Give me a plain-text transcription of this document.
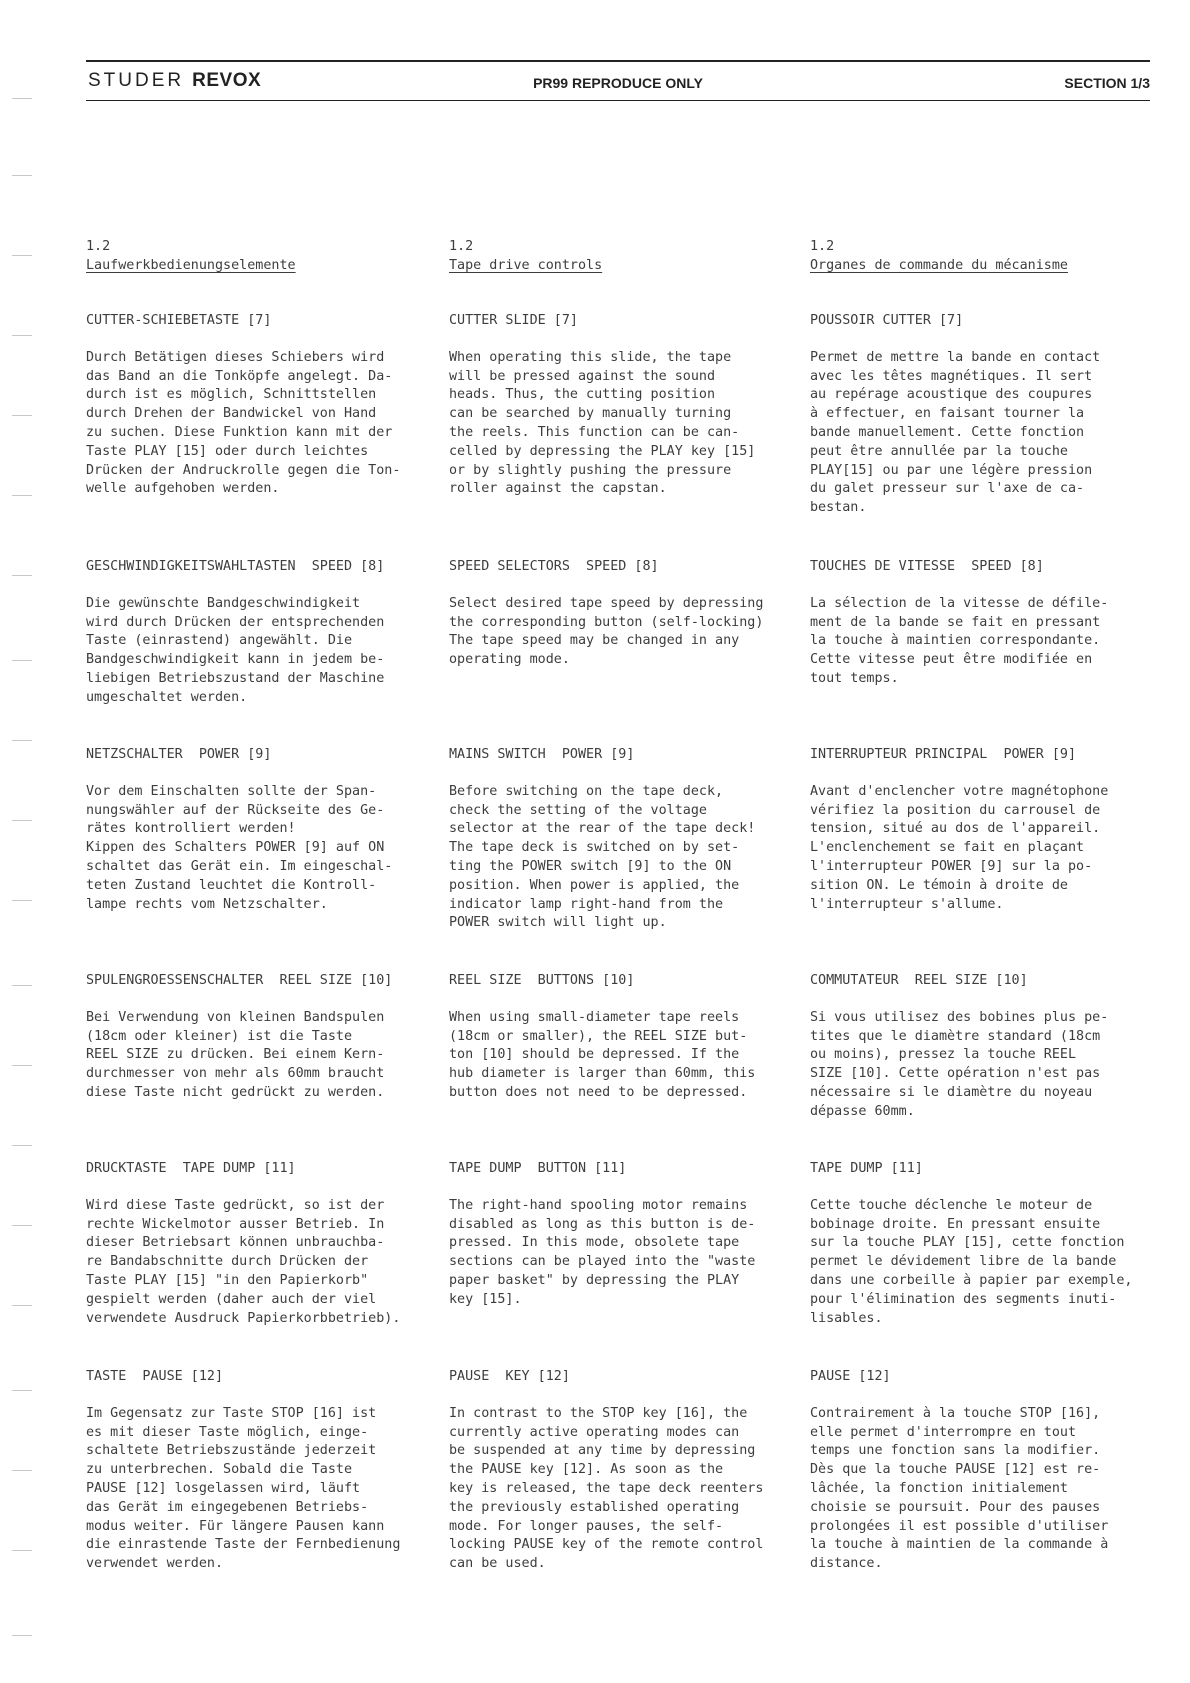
STUDER REVOX	PR99 REPRODUCE ONLY	SECTION 1/3
1.2
Laufwerkbedienungselemente
CUTTER-SCHIEBETASTE [7]
Durch Betätigen dieses Schiebers wird
das Band an die Tonköpfe angelegt. Da-
durch ist es möglich, Schnittstellen
durch Drehen der Bandwickel von Hand
zu suchen. Diese Funktion kann mit der
Taste PLAY [15] oder durch leichtes
Drücken der Andruckrolle gegen die Ton-
welle aufgehoben werden.
GESCHWINDIGKEITSWAHLTASTEN  SPEED [8]
Die gewünschte Bandgeschwindigkeit
wird durch Drücken der entsprechenden
Taste (einrastend) angewählt. Die
Bandgeschwindigkeit kann in jedem be-
liebigen Betriebszustand der Maschine
umgeschaltet werden.
NETZSCHALTER  POWER [9]
Vor dem Einschalten sollte der Span-
nungswähler auf der Rückseite des Ge-
rätes kontrolliert werden!
Kippen des Schalters POWER [9] auf ON
schaltet das Gerät ein. Im eingeschal-
teten Zustand leuchtet die Kontroll-
lampe rechts vom Netzschalter.
SPULENGROESSENSCHALTER  REEL SIZE [10]
Bei Verwendung von kleinen Bandspulen
(18cm oder kleiner) ist die Taste
REEL SIZE zu drücken. Bei einem Kern-
durchmesser von mehr als 60mm braucht
diese Taste nicht gedrückt zu werden.
DRUCKTASTE  TAPE DUMP [11]
Wird diese Taste gedrückt, so ist der
rechte Wickelmotor ausser Betrieb. In
dieser Betriebsart können unbrauchba-
re Bandabschnitte durch Drücken der
Taste PLAY [15] "in den Papierkorb"
gespielt werden (daher auch der viel
verwendete Ausdruck Papierkorbbetrieb).
TASTE  PAUSE [12]
Im Gegensatz zur Taste STOP [16] ist
es mit dieser Taste möglich, einge-
schaltete Betriebszustände jederzeit
zu unterbrechen. Sobald die Taste
PAUSE [12] losgelassen wird, läuft
das Gerät im eingegebenen Betriebs-
modus weiter. Für längere Pausen kann
die einrastende Taste der Fernbedienung
verwendet werden.
1.2
Tape drive controls
CUTTER SLIDE [7]
When operating this slide, the tape
will be pressed against the sound
heads. Thus, the cutting position
can be searched by manually turning
the reels. This function can be can-
celled by depressing the PLAY key [15]
or by slightly pushing the pressure
roller against the capstan.
SPEED SELECTORS  SPEED [8]
Select desired tape speed by depressing
the corresponding button (self-locking)
The tape speed may be changed in any
operating mode.
MAINS SWITCH  POWER [9]
Before switching on the tape deck,
check the setting of the voltage
selector at the rear of the tape deck!
The tape deck is switched on by set-
ting the POWER switch [9] to the ON
position. When power is applied, the
indicator lamp right-hand from the
POWER switch will light up.
REEL SIZE  BUTTONS [10]
When using small-diameter tape reels
(18cm or smaller), the REEL SIZE but-
ton [10] should be depressed. If the
hub diameter is larger than 60mm, this
button does not need to be depressed.
TAPE DUMP  BUTTON [11]
The right-hand spooling motor remains
disabled as long as this button is de-
pressed. In this mode, obsolete tape
sections can be played into the "waste
paper basket" by depressing the PLAY
key [15].
PAUSE  KEY [12]
In contrast to the STOP key [16], the
currently active operating modes can
be suspended at any time by depressing
the PAUSE key [12]. As soon as the
key is released, the tape deck reenters
the previously established operating
mode. For longer pauses, the self-
locking PAUSE key of the remote control
can be used.
1.2
Organes de commande du mécanisme
POUSSOIR CUTTER [7]
Permet de mettre la bande en contact
avec les têtes magnétiques. Il sert
au repérage acoustique des coupures
à effectuer, en faisant tourner la
bande manuellement. Cette fonction
peut être annullée par la touche
PLAY[15] ou par une légère pression
du galet presseur sur l'axe de ca-
bestan.
TOUCHES DE VITESSE  SPEED [8]
La sélection de la vitesse de défile-
ment de la bande se fait en pressant
la touche à maintien correspondante.
Cette vitesse peut être modifiée en
tout temps.
INTERRUPTEUR PRINCIPAL  POWER [9]
Avant d'enclencher votre magnétophone
vérifiez la position du carrousel de
tension, situé au dos de l'appareil.
L'enclenchement se fait en plaçant
l'interrupteur POWER [9] sur la po-
sition ON. Le témoin à droite de
l'interrupteur s'allume.
COMMUTATEUR  REEL SIZE [10]
Si vous utilisez des bobines plus pe-
tites que le diamètre standard (18cm
ou moins), pressez la touche REEL
SIZE [10]. Cette opération n'est pas
nécessaire si le diamètre du noyeau
dépasse 60mm.
TAPE DUMP [11]
Cette touche déclenche le moteur de
bobinage droite. En pressant ensuite
sur la touche PLAY [15], cette fonction
permet le dévidement libre de la bande
dans une corbeille à papier par exemple,
pour l'élimination des segments inuti-
lisables.
PAUSE [12]
Contrairement à la touche STOP [16],
elle permet d'interrompre en tout
temps une fonction sans la modifier.
Dès que la touche PAUSE [12] est re-
lâchée, la fonction initialement
choisie se poursuit. Pour des pauses
prolongées il est possible d'utiliser
la touche à maintien de la commande à
distance.
